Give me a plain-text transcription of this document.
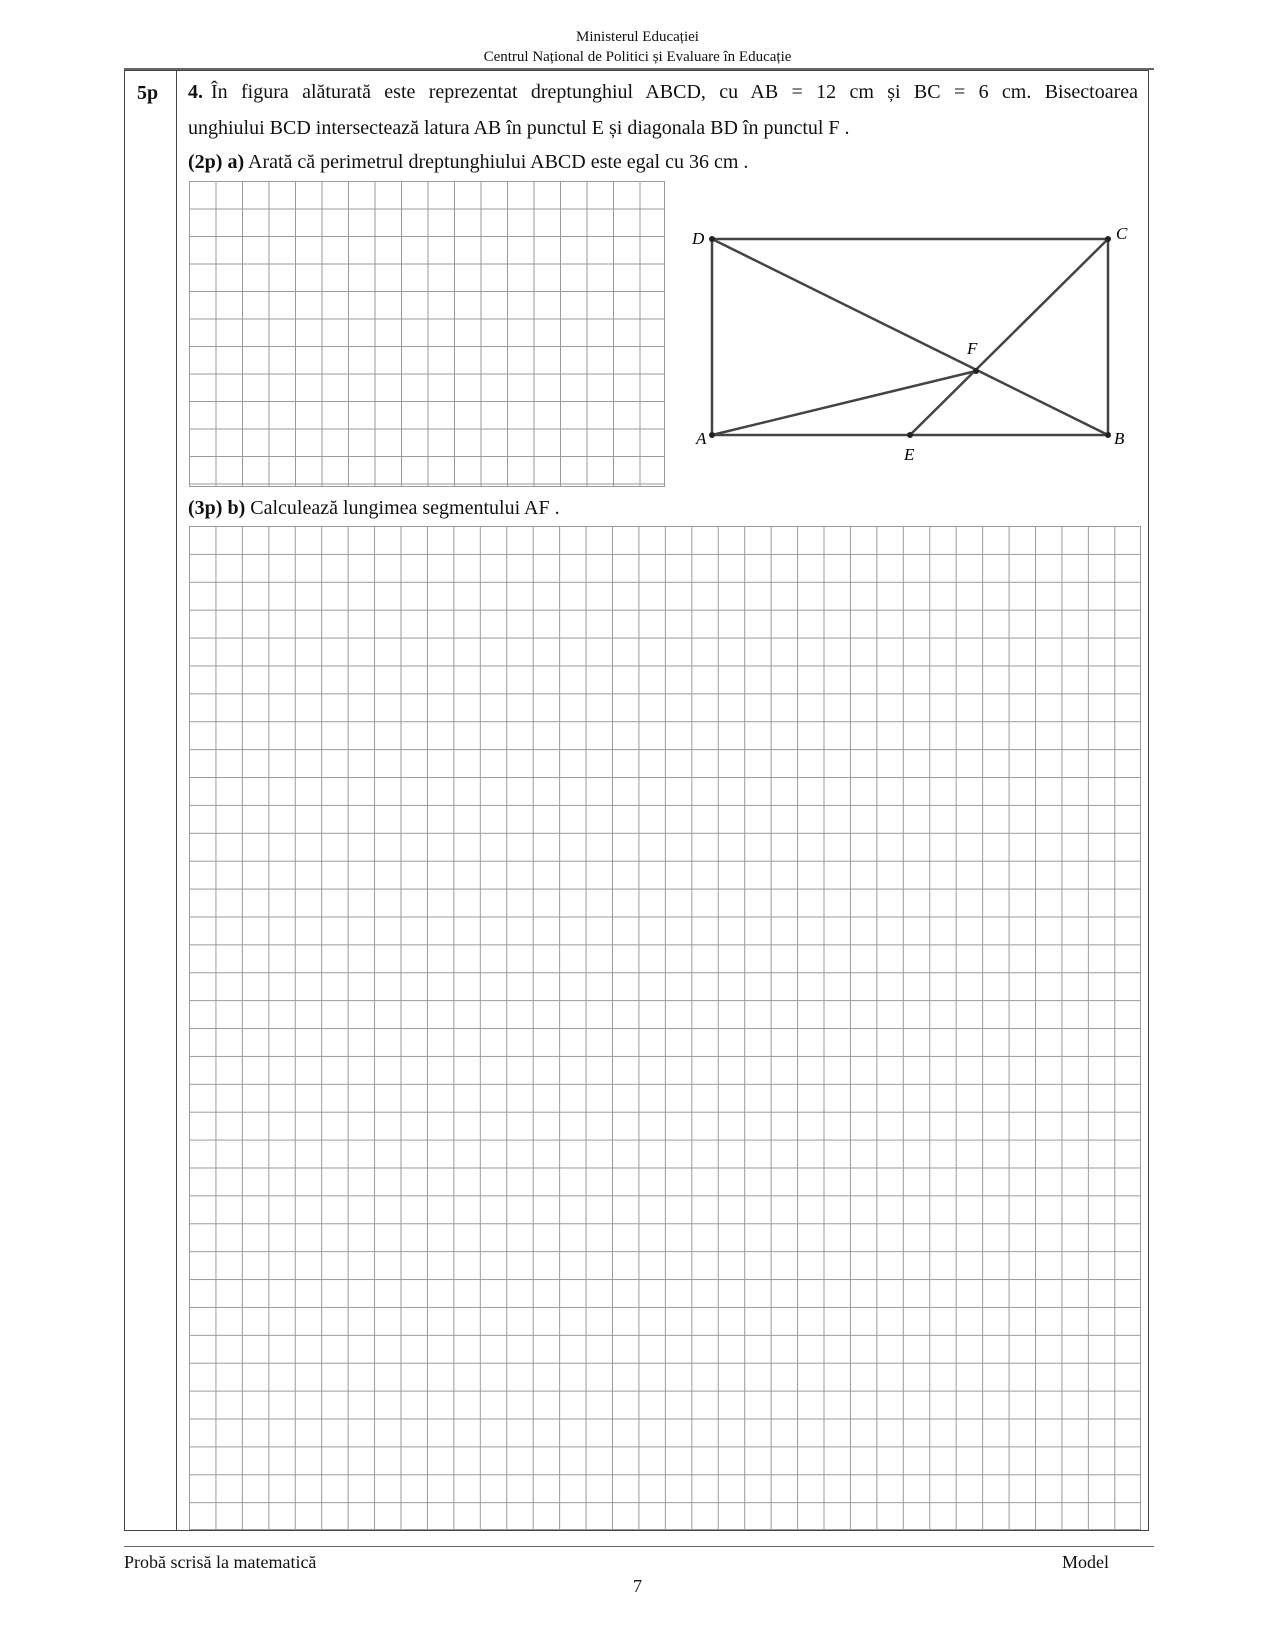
Ministerul Educației
Centrul Național de Politici și Evaluare în Educație
5p 4. În figura alăturată este reprezentat dreptunghiul ABCD, cu AB = 12 cm și BC = 6 cm. Bisectoarea
unghiului BCD intersectează latura AB în punctul E și diagonala BD în punctul F .
(2p) a) Arată că perimetrul dreptunghiului ABCD este egal cu 36 cm .
D	C
A	B
E
F
(3p) b) Calculează lungimea segmentului AF .
Probă scrisă la matematică	Model
7
